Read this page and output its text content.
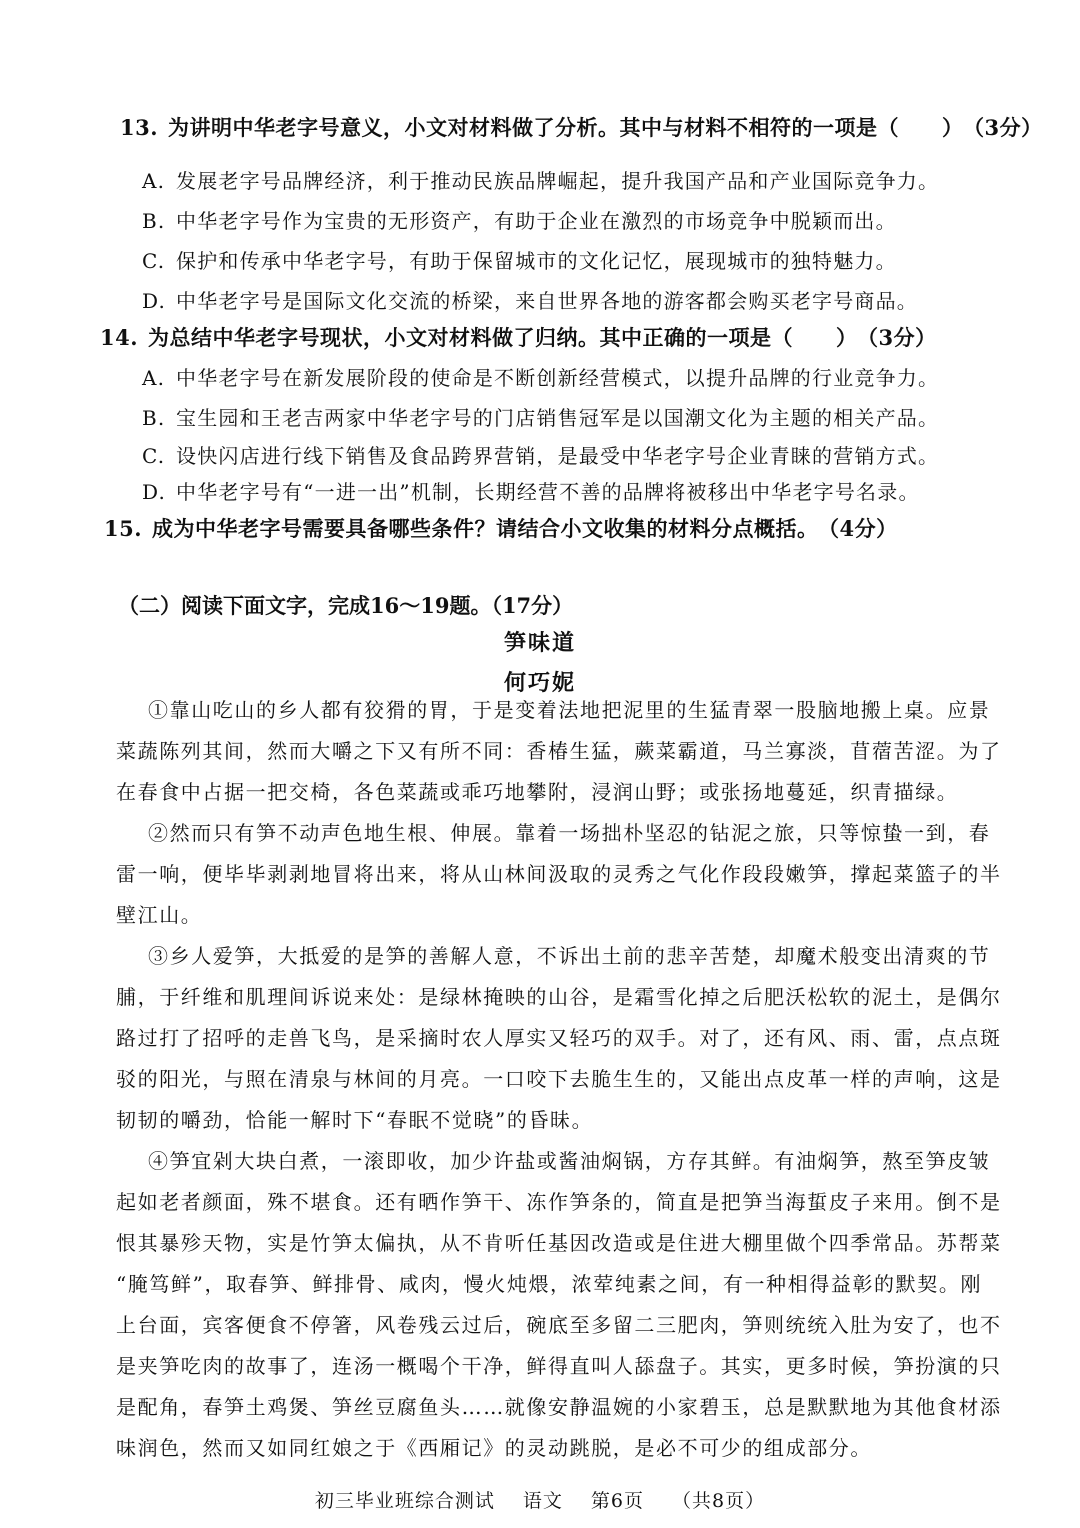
13. 为讲明中华老字号意义，小文对材料做了分析。其中与材料不相符的一项是（　　） （3分）
A. 发展老字号品牌经济，利于推动民族品牌崛起，提升我国产品和产业国际竞争力。
B. 中华老字号作为宝贵的无形资产，有助于企业在激烈的市场竞争中脱颖而出。
C. 保护和传承中华老字号，有助于保留城市的文化记忆，展现城市的独特魅力。
D. 中华老字号是国际文化交流的桥梁，来自世界各地的游客都会购买老字号商品。
14. 为总结中华老字号现状，小文对材料做了归纳。其中正确的一项是（　　） （3分）
A. 中华老字号在新发展阶段的使命是不断创新经营模式，以提升品牌的行业竞争力。
B. 宝生园和王老吉两家中华老字号的门店销售冠军是以国潮文化为主题的相关产品。
C. 设快闪店进行线下销售及食品跨界营销，是最受中华老字号企业青睐的营销方式。
D. 中华老字号有“一进一出”机制，长期经营不善的品牌将被移出中华老字号名录。
15. 成为中华老字号需要具备哪些条件？请结合小文收集的材料分点概括。 （4分）
（二）阅读下面文字，完成16～19题。（17分）
笋味道
何巧妮
①靠山吃山的乡人都有狡猾的胃，于是变着法地把泥里的生猛青翠一股脑地搬上桌。应景
菜蔬陈列其间，然而大嚼之下又有所不同：香椿生猛，蕨菜霸道，马兰寡淡，苜蓿苦涩。为了
在春食中占据一把交椅，各色菜蔬或乖巧地攀附，浸润山野；或张扬地蔓延，织青描绿。
②然而只有笋不动声色地生根、伸展。靠着一场拙朴坚忍的钻泥之旅，只等惊蛰一到，春
雷一响，便毕毕剥剥地冒将出来，将从山林间汲取的灵秀之气化作段段嫩笋，撑起菜篮子的半
壁江山。
③乡人爱笋，大抵爱的是笋的善解人意，不诉出土前的悲辛苦楚，却魔术般变出清爽的节
脯，于纤维和肌理间诉说来处：是绿林掩映的山谷，是霜雪化掉之后肥沃松软的泥土，是偶尔
路过打了招呼的走兽飞鸟，是采摘时农人厚实又轻巧的双手。对了，还有风、雨、雷，点点斑
驳的阳光，与照在清泉与林间的月亮。一口咬下去脆生生的，又能出点皮革一样的声响，这是
韧韧的嚼劲，恰能一解时下“春眠不觉晓”的昏昧。
④笋宜剁大块白煮，一滚即收，加少许盐或酱油焖锅，方存其鲜。有油焖笋，熬至笋皮皱
起如老者颜面，殊不堪食。还有晒作笋干、冻作笋条的，简直是把笋当海蜇皮子来用。倒不是
恨其暴殄天物，实是竹笋太偏执，从不肯听任基因改造或是住进大棚里做个四季常品。苏帮菜
“腌笃鲜”，取春笋、鲜排骨、咸肉，慢火炖煨，浓荤纯素之间，有一种相得益彰的默契。刚
上台面，宾客便食不停箸，风卷残云过后，碗底至多留二三肥肉，笋则统统入肚为安了，也不
是夹笋吃肉的故事了，连汤一概喝个干净，鲜得直叫人舔盘子。其实，更多时候，笋扮演的只
是配角，春笋土鸡煲、笋丝豆腐鱼头……就像安静温婉的小家碧玉，总是默默地为其他食材添
味润色，然而又如同红娘之于《西厢记》的灵动跳脱，是必不可少的组成部分。
初三毕业班综合测试 语文 第6页 （共8页）
